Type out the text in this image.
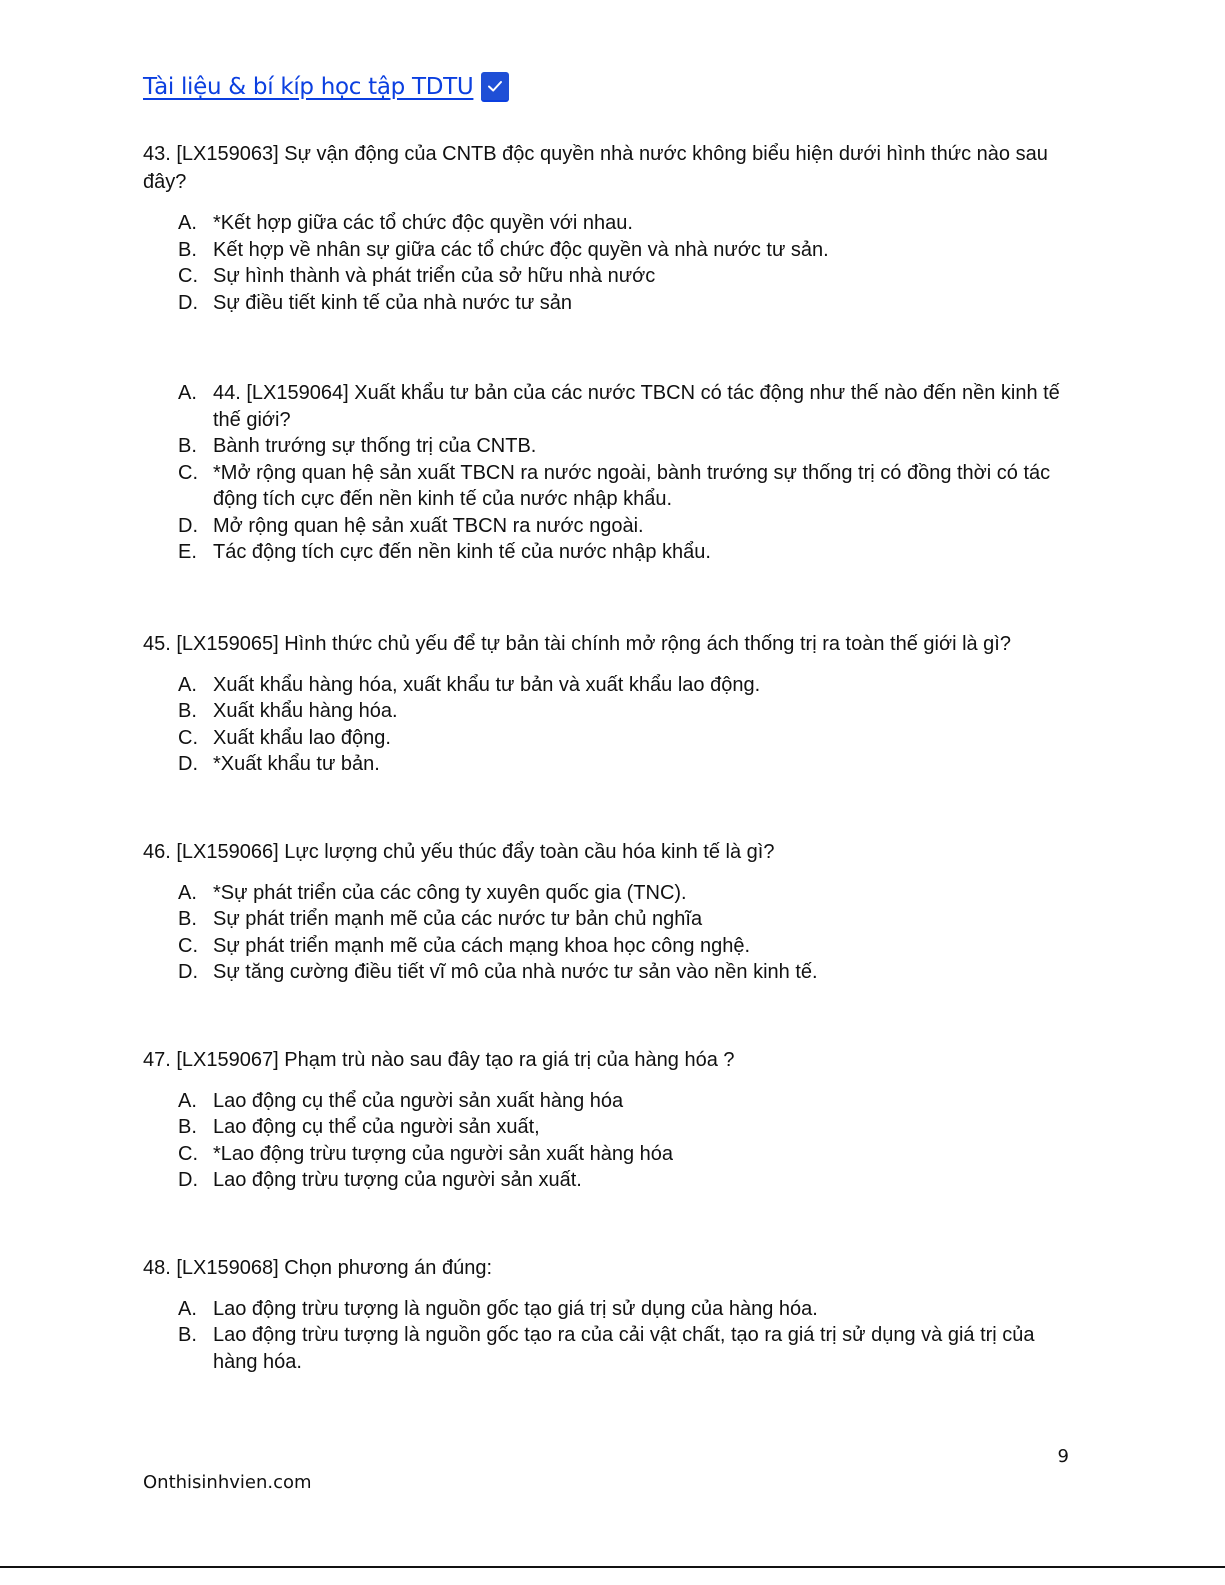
Tài liệu & bí kíp học tập TDTU

43. [LX159063] Sự vận động của CNTB độc quyền nhà nước không biểu hiện dưới hình thức nào sau đây?

A. *Kết hợp giữa các tổ chức độc quyền với nhau.
B. Kết hợp về nhân sự giữa các tổ chức độc quyền và nhà nước tư sản.
C. Sự hình thành và phát triển của sở hữu nhà nước
D. Sự điều tiết kinh tế của nhà nước tư sản
A. 44. [LX159064] Xuất khẩu tư bản của các nước TBCN có tác động như thế nào đến nền kinh tế thế giới?
B. Bành trướng sự thống trị của CNTB.
C. *Mở rộng quan hệ sản xuất TBCN ra nước ngoài, bành trướng sự thống trị có đồng thời có tác động tích cực đến nền kinh tế của nước nhập khẩu.
D. Mở rộng quan hệ sản xuất TBCN ra nước ngoài.
E. Tác động tích cực đến nền kinh tế của nước nhập khẩu.

45. [LX159065] Hình thức chủ yếu để tự bản tài chính mở rộng ách thống trị ra toàn thế giới là gì?

A. Xuất khẩu hàng hóa, xuất khẩu tư bản và xuất khẩu lao động.
B. Xuất khẩu hàng hóa.
C. Xuất khẩu lao động.
D. *Xuất khẩu tư bản.

46. [LX159066] Lực lượng chủ yếu thúc đẩy toàn cầu hóa kinh tế là gì?

A. *Sự phát triển của các công ty xuyên quốc gia (TNC).
B. Sự phát triển mạnh mẽ của các nước tư bản chủ nghĩa
C. Sự phát triển mạnh mẽ của cách mạng khoa học công nghệ.
D. Sự tăng cường điều tiết vĩ mô của nhà nước tư sản vào nền kinh tế.

47. [LX159067] Phạm trù nào sau đây tạo ra giá trị của hàng hóa ?

A. Lao động cụ thể của người sản xuất hàng hóa
B. Lao động cụ thể của người sản xuất,
C. *Lao động trừu tượng của người sản xuất hàng hóa
D. Lao động trừu tượng của người sản xuất.

48. [LX159068] Chọn phương án đúng:

A. Lao động trừu tượng là nguồn gốc tạo giá trị sử dụng của hàng hóa.
B. Lao động trừu tượng là nguồn gốc tạo ra của cải vật chất, tạo ra giá trị sử dụng và giá trị của hàng hóa.
9
Onthisinhvien.com
